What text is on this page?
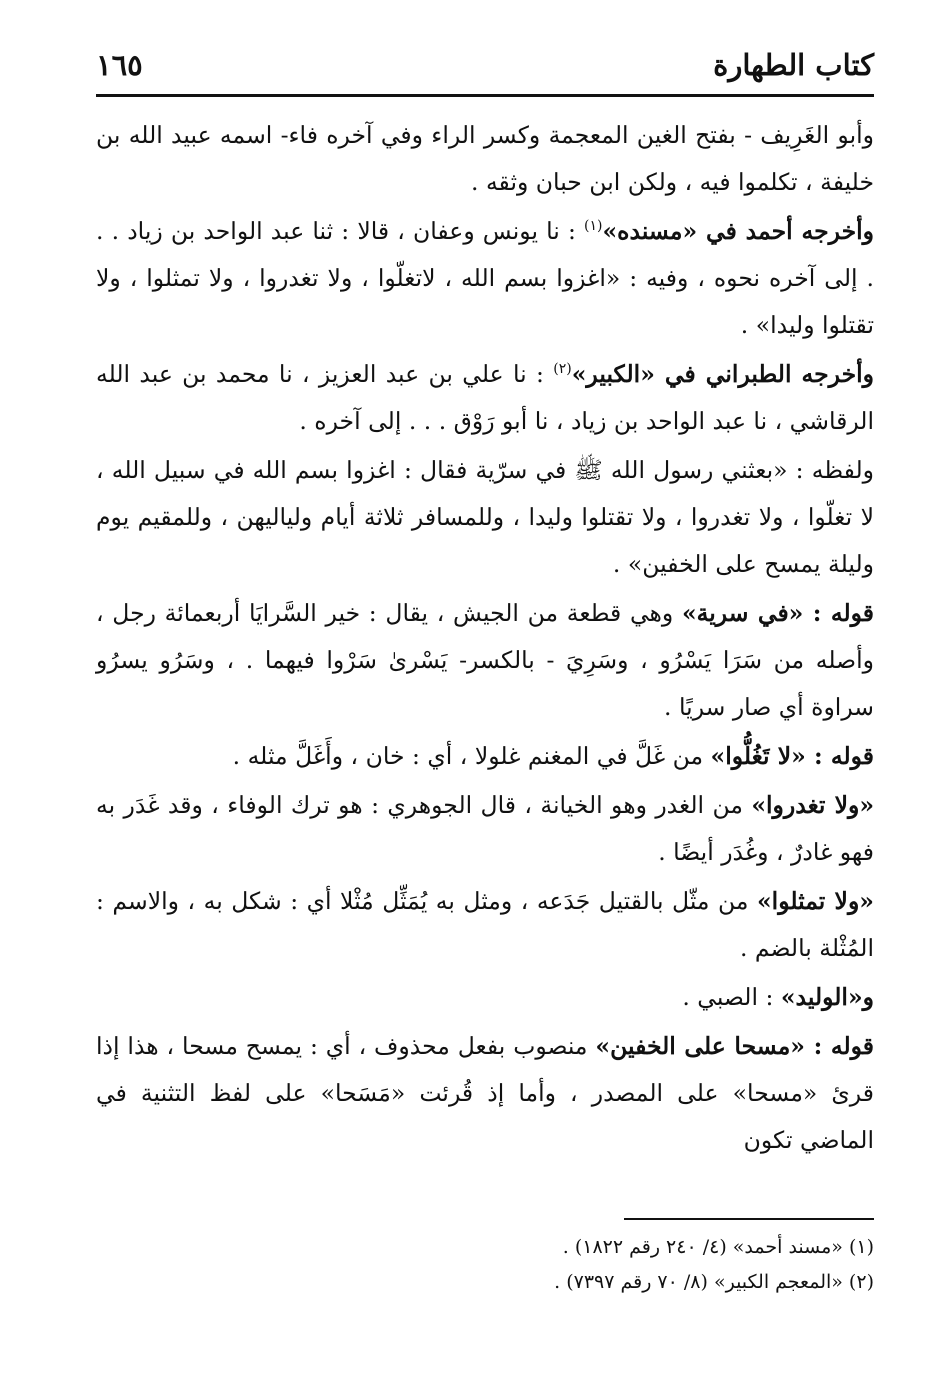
كتاب الطهارة
١٦٥

وأبو الغَرِيف - بفتح الغين المعجمة وكسر الراء وفي آخره فاء- اسمه عبيد الله بن خليفة ، تكلموا فيه ، ولكن ابن حبان وثقه .

وأخرجه أحمد في «مسنده»$^{(١)}$ : نا يونس وعفان ، قالا : ثنا عبد الواحد بن زياد . . . إلى آخره نحوه ، وفيه : «اغزوا بسم الله ، لاتغلّوا ، ولا تغدروا ، ولا تمثلوا ، ولا تقتلوا وليدا» .

وأخرجه الطبراني في «الكبير»$^{(٢)}$ : نا علي بن عبد العزيز ، نا محمد بن عبد الله الرقاشي ، نا عبد الواحد بن زياد ، نا أبو رَوْق . . . إلى آخره .

ولفظه : «بعثني رسول الله ﷺ في سرّية فقال : اغزوا بسم الله في سبيل الله ، لا تغلّوا ، ولا تغدروا ، ولا تقتلوا وليدا ، وللمسافر ثلاثة أيام ولياليهن ، وللمقيم يوم وليلة يمسح على الخفين» .

قوله : «في سرية» وهي قطعة من الجيش ، يقال : خير السَّرايَا أربعمائة رجل ، وأصله من سَرَا يَسْرُو ، وسَرِيَ - بالكسر- يَسْرىٰ سَرْوا فيهما . ، وسَرُو يسرُو سراوة أي صار سريًا .

قوله : «لا تَغُلُّوا» من غَلَّ في المغنم غلولا ، أي : خان ، وأَغَلَّ مثله .

«ولا تغدروا» من الغدر وهو الخيانة ، قال الجوهري : هو ترك الوفاء ، وقد غَدَر به فهو غادرٌ ، وغُدَر أيضًا .

«ولا تمثلوا» من مثّل بالقتيل جَدَعه ، ومثل به يُمَثِّل مُثْلا أي : شكل به ، والاسم : المُثْلة بالضم .

و«الوليد» : الصبي .

قوله : «مسحا على الخفين» منصوب بفعل محذوف ، أي : يمسح مسحا ، هذا إذا قرئ «مسحا» على المصدر ، وأما إذ قُرئت «مَسَحا» على لفظ التثنية في الماضي تكون

(١) «مسند أحمد» (٤/ ٢٤٠ رقم ١٨٢٢) .

(٢) «المعجم الكبير» (٨/ ٧٠ رقم ٧٣٩٧) .
